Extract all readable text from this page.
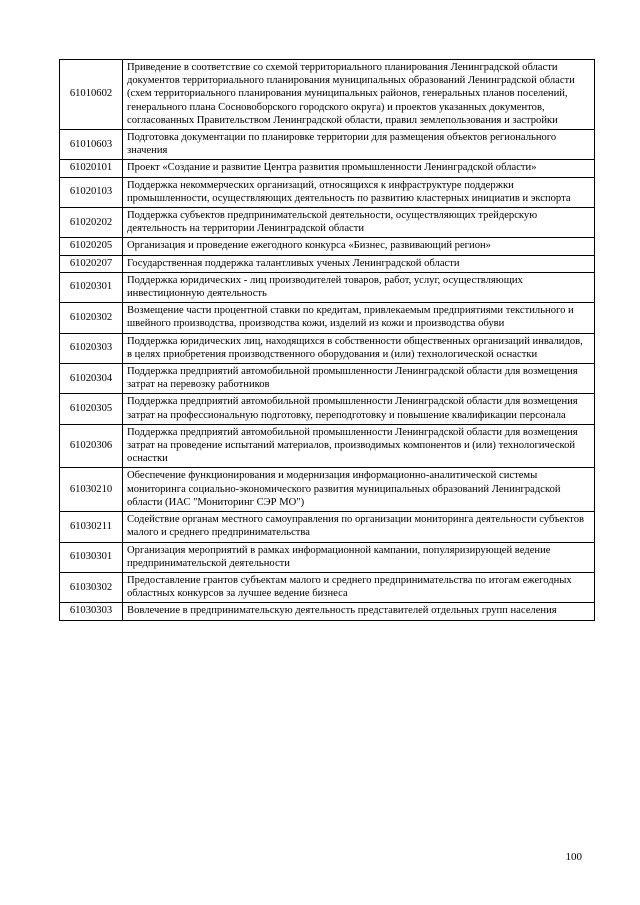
61010602	Приведение в соответствие со схемой территориального планирования Ленинградской области документов территориального планирования муниципальных образований Ленинградской области (схем территориального планирования муниципальных районов, генеральных планов поселений, генерального плана Сосновоборского городского округа) и проектов указанных документов, согласованных Правительством Ленинградской области, правил землепользования и застройки
61010603	Подготовка документации по планировке территории для размещения объектов регионального значения
61020101	Проект «Создание и развитие Центра развития промышленности Ленинградской области»
61020103	Поддержка некоммерческих организаций, относящихся к инфраструктуре поддержки промышленности, осуществляющих деятельность по развитию кластерных инициатив и экспорта
61020202	Поддержка субъектов предпринимательской деятельности, осуществляющих трейдерскую деятельность на территории Ленинградской области
61020205	Организация и проведение ежегодного конкурса «Бизнес, развивающий регион»
61020207	Государственная поддержка талантливых ученых Ленинградской области
61020301	Поддержка юридических - лиц производителей товаров, работ, услуг, осуществляющих инвестиционную деятельность
61020302	Возмещение части процентной ставки по кредитам, привлекаемым предприятиями текстильного и швейного производства, производства кожи, изделий из кожи и производства обуви
61020303	Поддержка юридических лиц, находящихся в собственности общественных организаций инвалидов, в целях приобретения производственного оборудования и (или) технологической оснастки
61020304	Поддержка предприятий автомобильной промышленности Ленинградской области для возмещения затрат на перевозку работников
61020305	Поддержка предприятий автомобильной промышленности Ленинградской области для возмещения затрат на профессиональную подготовку, переподготовку и повышение квалификации персонала
61020306	Поддержка предприятий автомобильной промышленности Ленинградской области для возмещения затрат на проведение испытаний материалов, производимых компонентов и (или) технологической оснастки
61030210	Обеспечение функционирования и модернизация информационно-аналитической системы мониторинга социально-экономического развития муниципальных образований Ленинградской области (ИАС "Мониторинг СЭР МО")
61030211	Содействие органам местного самоуправления по организации мониторинга деятельности субъектов малого и среднего предпринимательства
61030301	Организация мероприятий в рамках информационной кампании, популяризирующей ведение предпринимательской деятельности
61030302	Предоставление грантов субъектам малого и среднего предпринимательства по итогам ежегодных областных конкурсов за лучшее ведение бизнеса
61030303	Вовлечение в предпринимательскую деятельность представителей отдельных групп населения
100
